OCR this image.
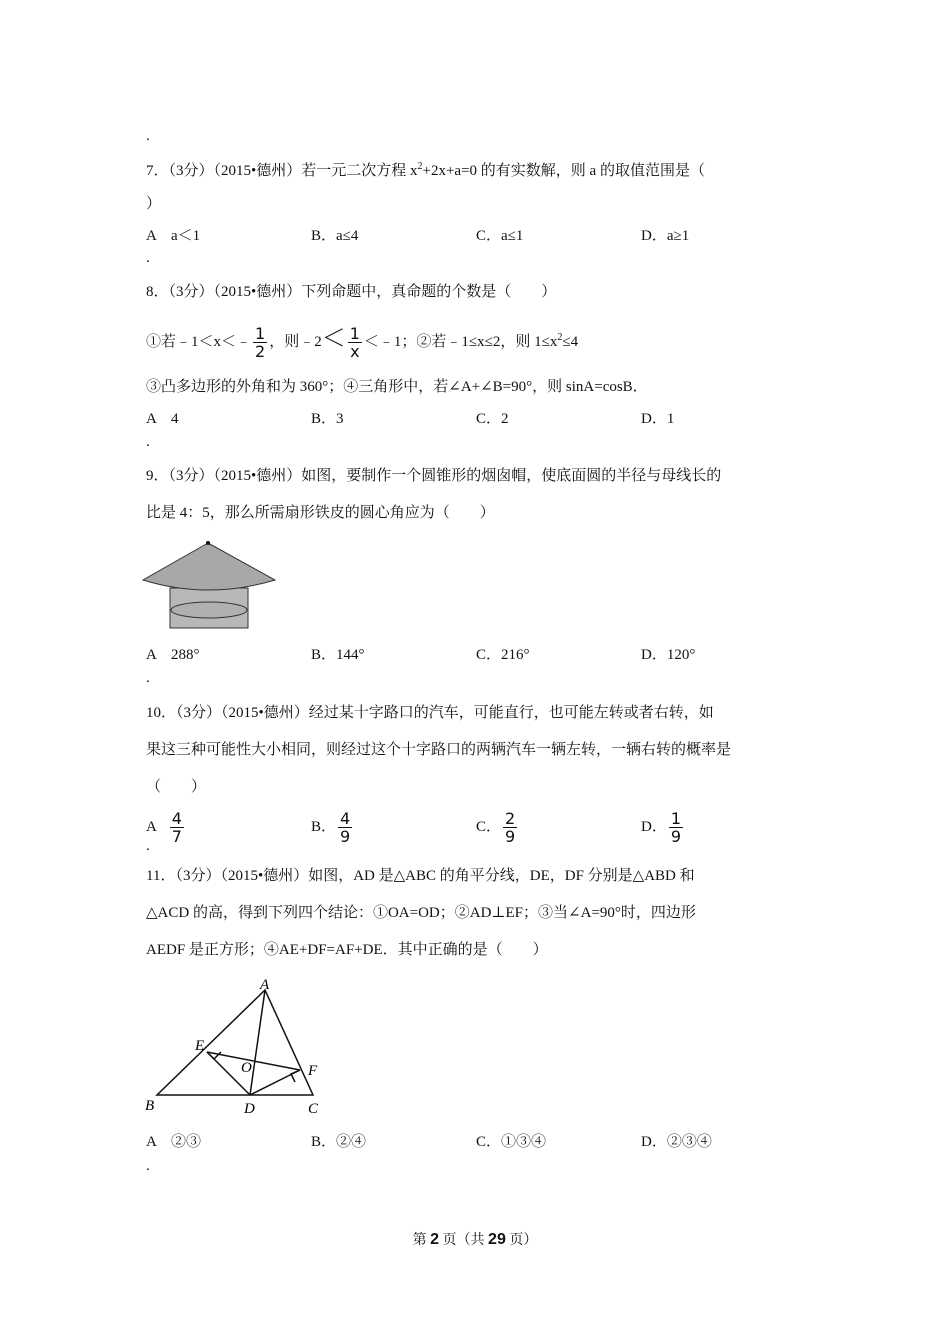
.
7．（3分）（2015•德州）若一元二次方程 $x^2+2x+a=0$ 的有实数解，则 a 的取值范围是（
）
A　a＜1	B．a≤4	C．a≤1	D．a≥1
.
8．（3分）（2015•德州）下列命题中，真命题的个数是（　　）
①若﹣1＜x＜﹣ $\frac{1}{2}$ ，则﹣2＜ $\frac{1}{x}$ ＜﹣1；②若﹣1≤x≤2，则 $1\le x^2\le 4$
③凸多边形的外角和为 360°；④三角形中，若∠A+∠B=90°，则 sinA=cosB．
A　4	B．3	C．2	D．1
.
9．（3分）（2015•德州）如图，要制作一个圆锥形的烟囱帽，使底面圆的半径与母线长的
比是 4：5，那么所需扇形铁皮的圆心角应为（　　）
A　288°	B．144°	C．216°	D．120°
.
10．（3分）（2015•德州）经过某十字路口的汽车，可能直行，也可能左转或者右转，如
果这三种可能性大小相同，则经过这个十字路口的两辆汽车一辆左转，一辆右转的概率是
（　　）
A $\frac{4}{7}$	B． $\frac{4}{9}$	C． $\frac{2}{9}$	D． $\frac{1}{9}$
.
11．（3分）（2015•德州）如图，AD 是△ABC 的角平分线，DE，DF 分别是△ABD 和
△ACD 的高，得到下列四个结论：①OA=OD；②AD⊥EF；③当∠A=90°时，四边形
AEDF 是正方形；④AE+DF=AF+DE．其中正确的是（　　）
A
B	C
D
E
F
O
A　②③	B．②④	C．①③④	D．②③④
.
第 2 页（共 29 页）
